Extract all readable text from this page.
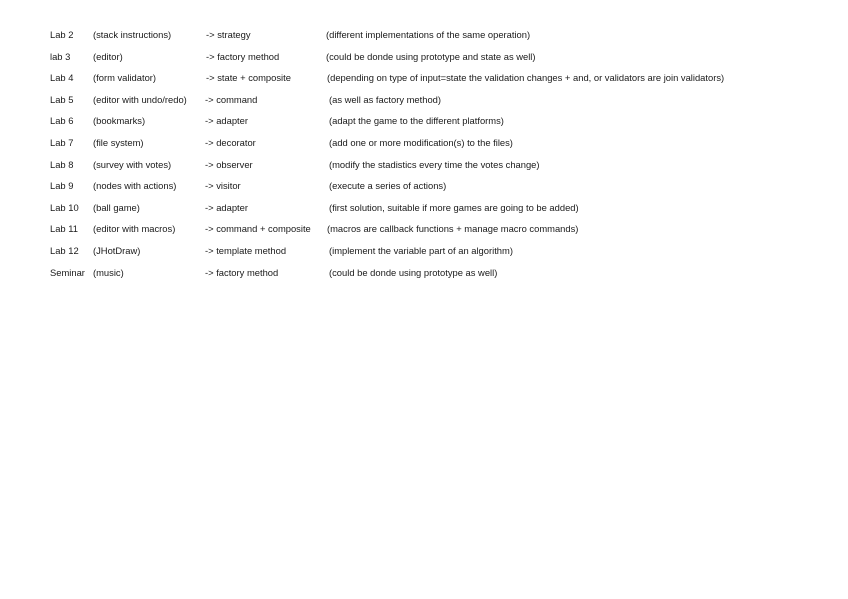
Lab 2 (stack instructions)	-> strategy	(different implementations of the same operation)
lab 3 (editor)	-> factory method	(could be donde using prototype and state as well)
Lab 4 (form validator)	-> state + composite	(depending on type of input=state the validation changes + and, or validators are join validators)
Lab 5 (editor with undo/redo) -> command	(as well as factory method)
Lab 6 (bookmarks)	-> adapter	(adapt the game to the different platforms)
Lab 7 (file system)	-> decorator	(add one or more modification(s) to the files)
Lab 8 (survey with votes)	-> observer	(modify the stadistics every time the votes change)
Lab 9 (nodes with actions)	-> visitor	(execute a series of actions)
Lab 10 (ball game)	-> adapter	(first solution, suitable if more games are going to be added)
Lab 11 (editor with macros)	-> command + composite (macros are callback functions + manage macro commands)
Lab 12 (JHotDraw)	-> template method	(implement the variable part of an algorithm)
Seminar (music)	-> factory method	(could be donde using prototype as well)
